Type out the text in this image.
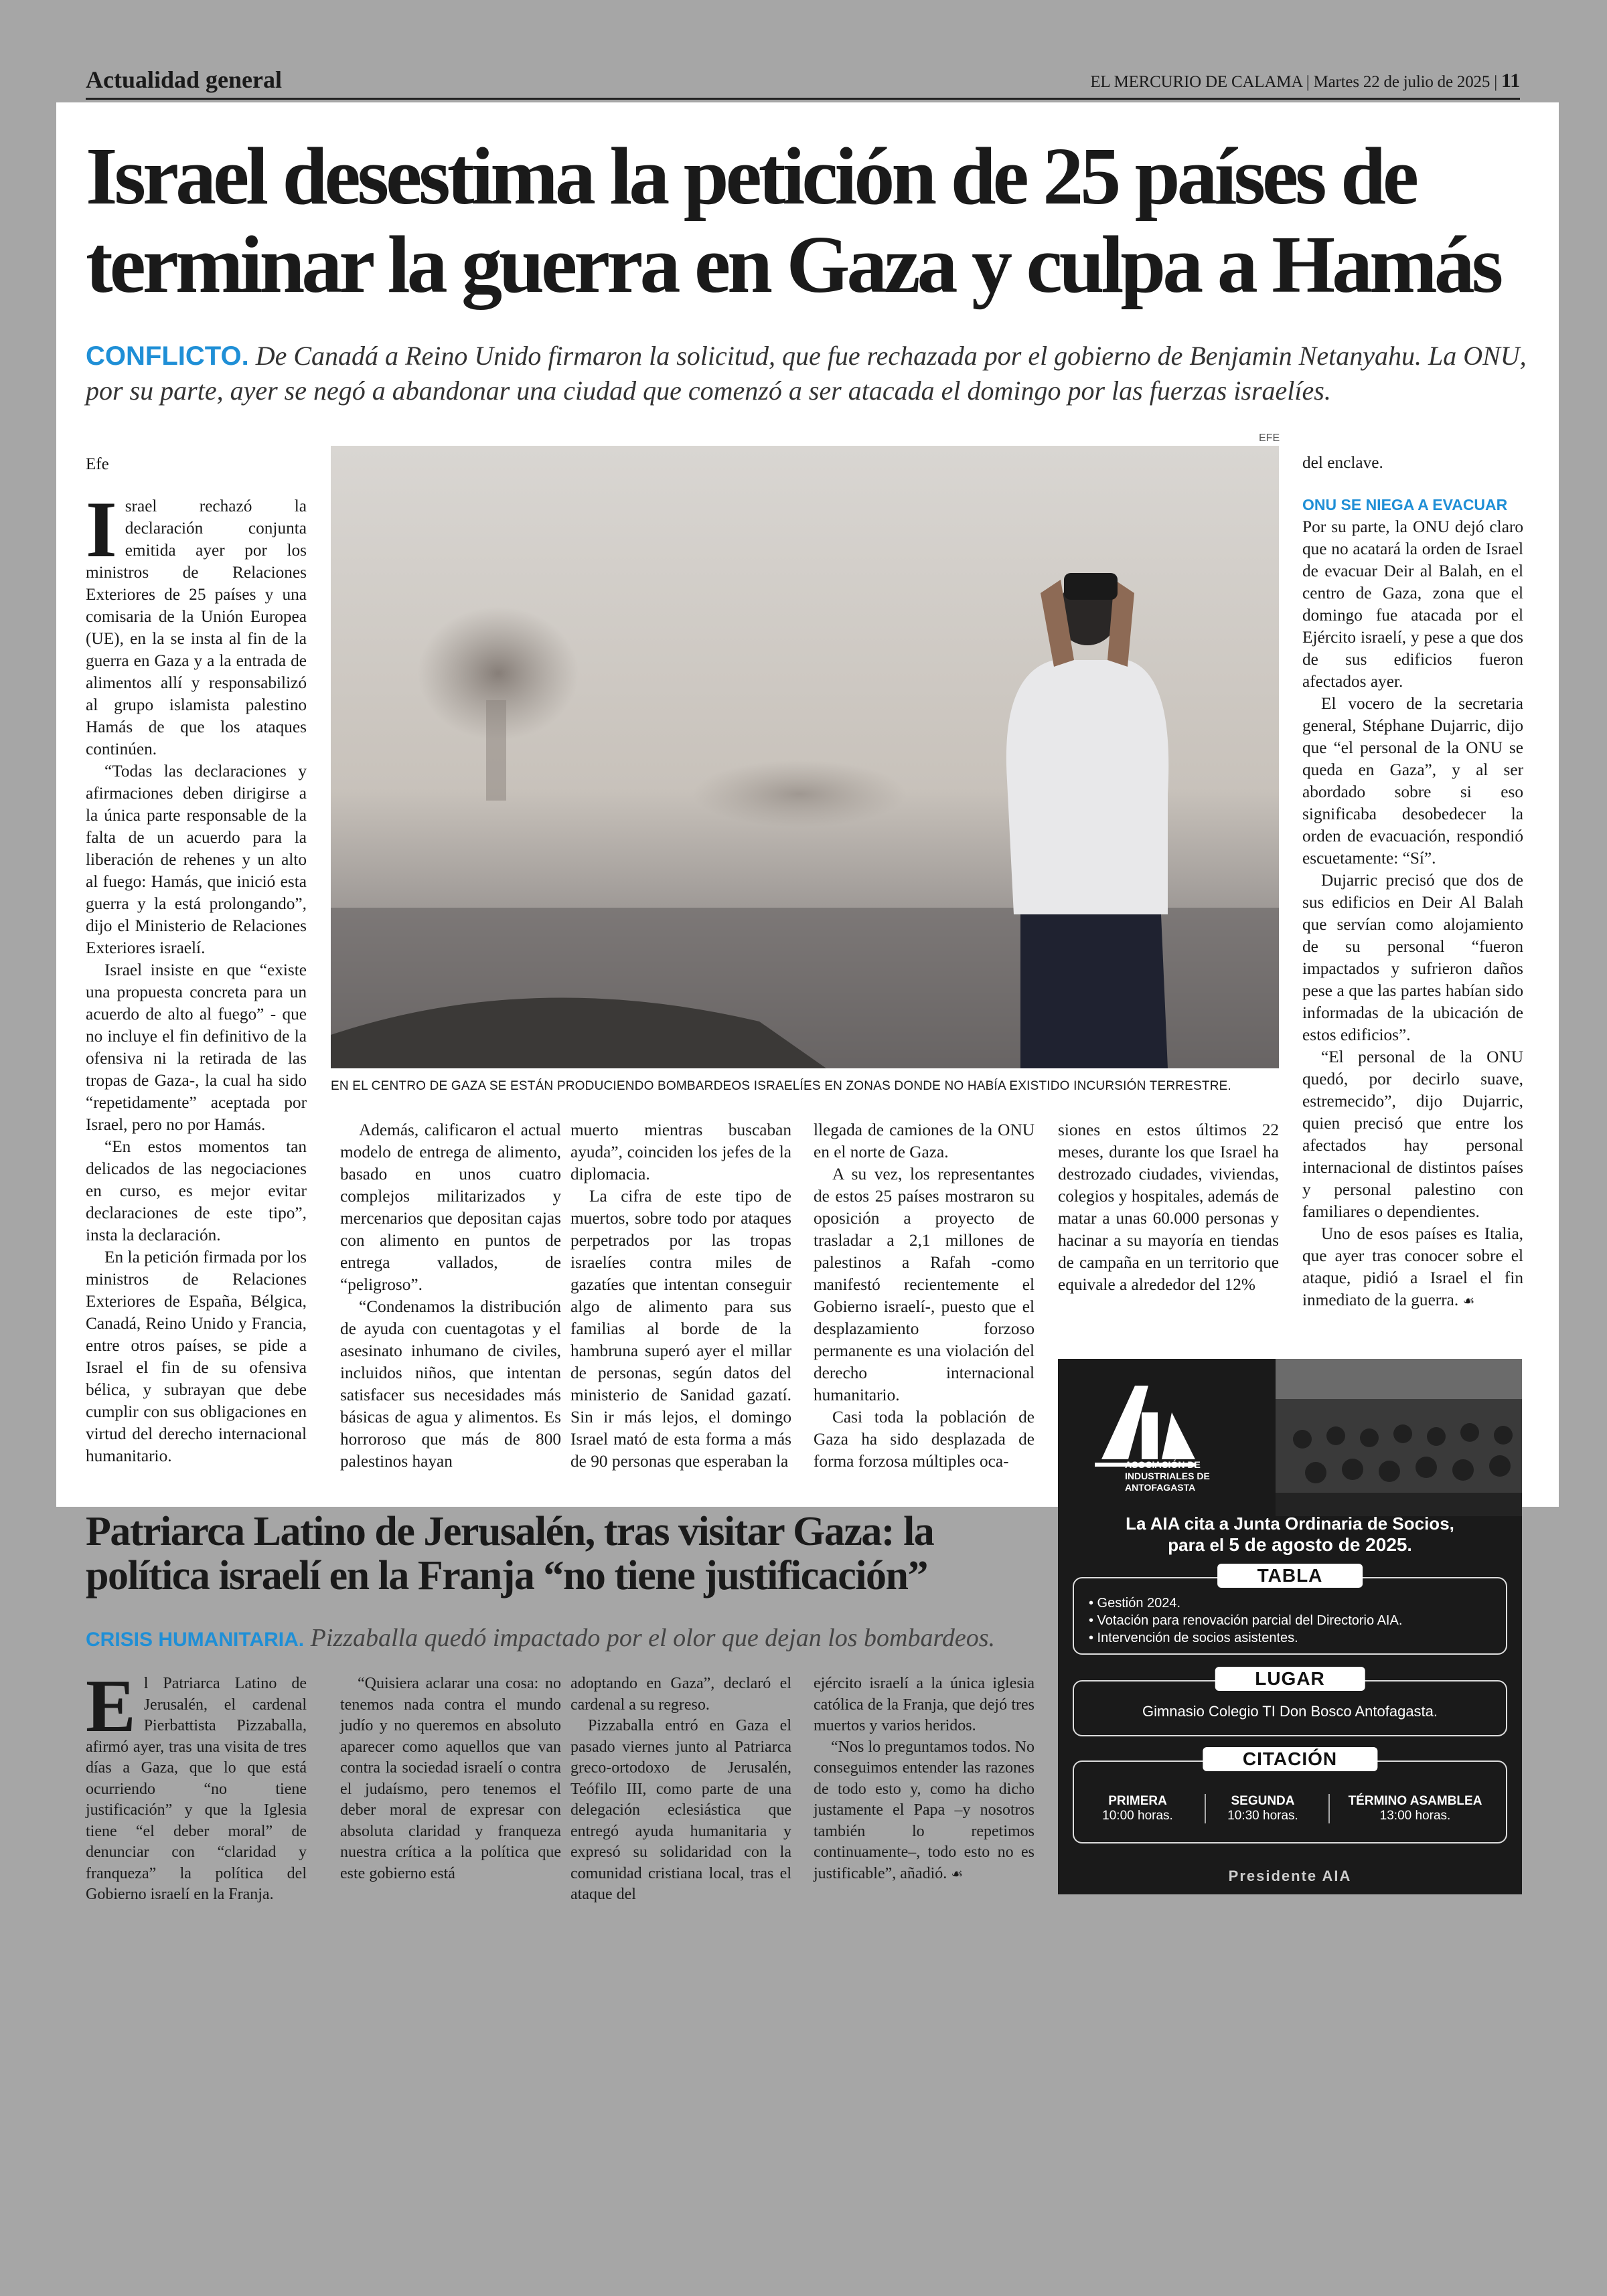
Actualidad general	EL MERCURIO DE CALAMA | Martes 22 de julio de 2025 | 11
Israel desestima la petición de 25 países de terminar la guerra en Gaza y culpa a Hamás
CONFLICTO. De Canadá a Reino Unido firmaron la solicitud, que fue rechazada por el gobierno de Benjamin Netanyahu. La ONU, por su parte, ayer se negó a abandonar una ciudad que comenzó a ser atacada el domingo por las fuerzas israelíes.
Efe

Israel rechazó la declaración conjunta emitida ayer por los ministros de Relaciones Exteriores de 25 países y una comisaria de la Unión Europea (UE), en la se insta al fin de la guerra en Gaza y a la entrada de alimentos allí y responsabilizó al grupo islamista palestino Hamás de que los ataques continúen.

“Todas las declaraciones y afirmaciones deben dirigirse a la única parte responsable de la falta de un acuerdo para la liberación de rehenes y un alto al fuego: Hamás, que inició esta guerra y la está prolongando”, dijo el Ministerio de Relaciones Exteriores israelí.

Israel insiste en que “existe una propuesta concreta para un acuerdo de alto al fuego” - que no incluye el fin definitivo de la ofensiva ni la retirada de las tropas de Gaza-, la cual ha sido “repetidamente” aceptada por Israel, pero no por Hamás.

“En estos momentos tan delicados de las negociaciones en curso, es mejor evitar declaraciones de este tipo”, insta la declaración.

En la petición firmada por los ministros de Relaciones Exteriores de España, Bélgica, Canadá, Reino Unido y Francia, entre otros países, se pide a Israel el fin de su ofensiva bélica, y subrayan que debe cumplir con sus obligaciones en virtud del derecho internacional humanitario.

EFE
EN EL CENTRO DE GAZA SE ESTÁN PRODUCIENDO BOMBARDEOS ISRAELÍES EN ZONAS DONDE NO HABÍA EXISTIDO INCURSIÓN TERRESTRE.

Además, calificaron el actual modelo de entrega de alimento, basado en unos cuatro complejos militarizados y mercenarios que depositan cajas con alimento en puntos de entrega vallados, de “peligroso”.

“Condenamos la distribución de ayuda con cuentagotas y el asesinato inhumano de civiles, incluidos niños, que intentan satisfacer sus necesidades más básicas de agua y alimentos. Es horroroso que más de 800 palestinos hayan

muerto mientras buscaban ayuda”, coinciden los jefes de la diplomacia.

La cifra de este tipo de muertos, sobre todo por ataques perpetrados por las tropas israelíes contra miles de gazatíes que intentan conseguir algo de alimento para sus familias al borde de la hambruna superó ayer el millar de personas, según datos del ministerio de Sanidad gazatí. Sin ir más lejos, el domingo Israel mató de esta forma a más de 90 personas que esperaban la

llegada de camiones de la ONU en el norte de Gaza.

A su vez, los representantes de estos 25 países mostraron su oposición a proyecto de trasladar a 2,1 millones de palestinos a Rafah -como manifestó recientemente el Gobierno israelí-, puesto que el desplazamiento forzoso permanente es una violación del derecho internacional humanitario.

Casi toda la población de Gaza ha sido desplazada de forma forzosa múltiples oca-

siones en estos últimos 22 meses, durante los que Israel ha destrozado ciudades, viviendas, colegios y hospitales, además de matar a unas 60.000 personas y hacinar a su mayoría en tiendas de campaña en un territorio que equivale a alrededor del 12%

del enclave.

ONU SE NIEGA A EVACUAR

Por su parte, la ONU dejó claro que no acatará la orden de Israel de evacuar Deir al Balah, en el centro de Gaza, zona que el domingo fue atacada por el Ejército israelí, y pese a que dos de sus edificios fueron afectados ayer.

El vocero de la secretaria general, Stéphane Dujarric, dijo que “el personal de la ONU se queda en Gaza”, y al ser abordado sobre si eso significaba desobedecer la orden de evacuación, respondió escuetamente: “Sí”.

Dujarric precisó que dos de sus edificios en Deir Al Balah que servían como alojamiento de su personal “fueron impactados y sufrieron daños pese a que las partes habían sido informadas de la ubicación de estos edificios”.

“El personal de la ONU quedó, por decirlo suave, estremecido”, dijo Dujarric, quien precisó que entre los afectados hay personal internacional de distintos países y personal palestino con familiares o dependientes.

Uno de esos países es Italia, que ayer tras conocer sobre el ataque, pidió a Israel el fin inmediato de la guerra. ☙

Patriarca Latino de Jerusalén, tras visitar Gaza: la política israelí en la Franja “no tiene justificación”
CRISIS HUMANITARIA. Pizzaballa quedó impactado por el olor que dejan los bombardeos.

El Patriarca Latino de Jerusalén, el cardenal Pierbattista Pizzaballa, afirmó ayer, tras una visita de tres días a Gaza, que lo que está ocurriendo “no tiene justificación” y que la Iglesia tiene “el deber moral” de denunciar con “claridad y franqueza” la política del Gobierno israelí en la Franja.

“Quisiera aclarar una cosa: no tenemos nada contra el mundo judío y no queremos en absoluto aparecer como aquellos que van contra la sociedad israelí o contra el judaísmo, pero tenemos el deber moral de expresar con absoluta claridad y franqueza nuestra crítica a la política que este gobierno está

adoptando en Gaza”, declaró el cardenal a su regreso.

Pizzaballa entró en Gaza el pasado viernes junto al Patriarca greco-ortodoxo de Jerusalén, Teófilo III, como parte de una delegación eclesiástica que entregó ayuda humanitaria y expresó su solidaridad con la comunidad cristiana local, tras el ataque del

ejército israelí a la única iglesia católica de la Franja, que dejó tres muertos y varios heridos.

“Nos lo preguntamos todos. No conseguimos entender las razones de todo esto y, como ha dicho justamente el Papa –y nosotros también lo repetimos continuamente–, todo esto no es justificable”, añadió. ☙

ASOCIACIÓN DE
INDUSTRIALES DE
ANTOFAGASTA
La AIA cita a Junta Ordinaria de Socios,
para el 5 de agosto de 2025.
TABLA
• Gestión 2024.
• Votación para renovación parcial del Directorio AIA.
• Intervención de socios asistentes.
LUGAR
Gimnasio Colegio TI Don Bosco Antofagasta.
CITACIÓN
PRIMERA
10:00 horas.
SEGUNDA
10:30 horas.
TÉRMINO ASAMBLEA
13:00 horas.
Presidente AIA
